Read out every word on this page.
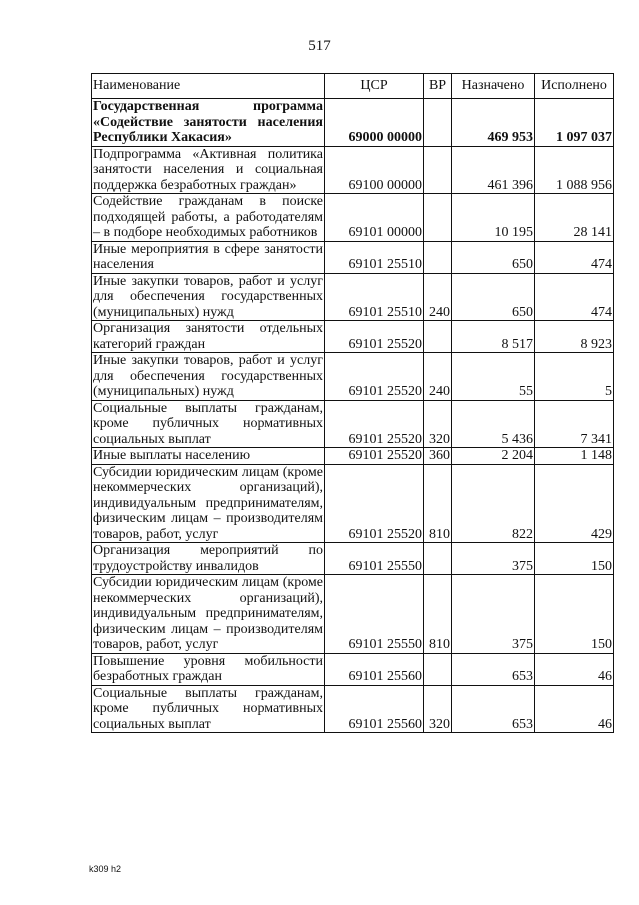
517
Наименование	ЦСР	ВР	Назначено	Исполнено
Государственная программа «Содействие занятости населения Республики Хакасия»	69000 00000		469 953	1 097 037
Подпрограмма «Активная политика занятости населения и социальная поддержка безработных граждан»	69100 00000		461 396	1 088 956
Содействие гражданам в поиске подходящей работы, а работодателям – в подборе необходимых работников	69101 00000		10 195	28 141
Иные мероприятия в сфере занятости населения	69101 25510		650	474
Иные закупки товаров, работ и услуг для обеспечения государственных (муниципальных) нужд	69101 25510	240	650	474
Организация занятости отдельных категорий граждан	69101 25520		8 517	8 923
Иные закупки товаров, работ и услуг для обеспечения государственных (муниципальных) нужд	69101 25520	240	55	5
Социальные выплаты гражданам, кроме публичных нормативных социальных выплат	69101 25520	320	5 436	7 341
Иные выплаты населению	69101 25520	360	2 204	1 148
Субсидии юридическим лицам (кроме некоммерческих организаций), индивидуальным предпринимателям, физическим лицам – производителям товаров, работ, услуг	69101 25520	810	822	429
Организация мероприятий по трудоустройству инвалидов	69101 25550		375	150
Субсидии юридическим лицам (кроме некоммерческих организаций), индивидуальным предпринимателям, физическим лицам – производителям товаров, работ, услуг	69101 25550	810	375	150
Повышение уровня мобильности безработных граждан	69101 25560		653	46
Социальные выплаты гражданам, кроме публичных нормативных социальных выплат	69101 25560	320	653	46
k309 h2
